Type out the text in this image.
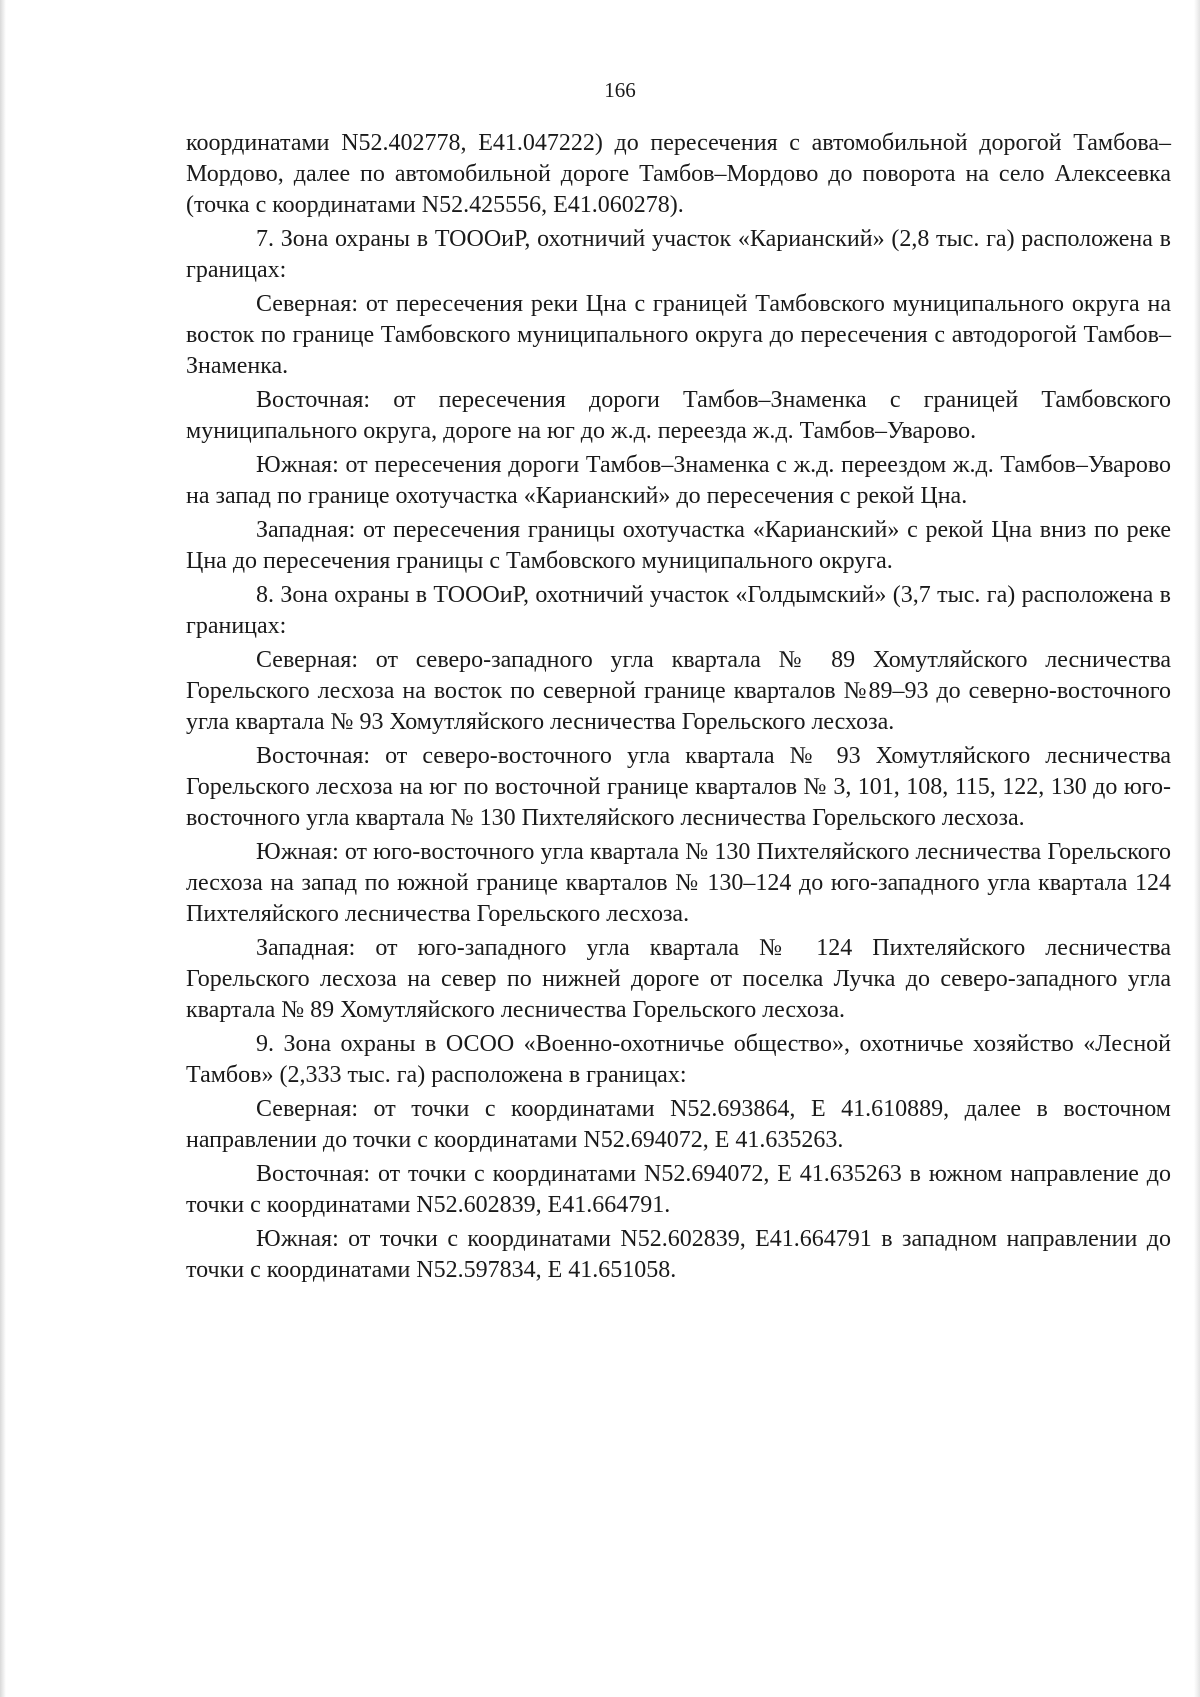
166

координатами N52.402778, E41.047222) до пересечения с автомобильной дорогой Тамбова–Мордово, далее по автомобильной дороге Тамбов–Мордово до поворота на село Алексеевка (точка с координатами N52.425556, E41.060278).

7. Зона охраны в ТОООиР, охотничий участок «Карианский» (2,8 тыс. га) расположена в границах:

Северная: от пересечения реки Цна с границей Тамбовского муниципального округа на восток по границе Тамбовского муниципального округа до пересечения с автодорогой Тамбов–Знаменка.

Восточная: от пересечения дороги Тамбов–Знаменка с границей Тамбовского муниципального округа, дороге на юг до ж.д. переезда ж.д. Тамбов–Уварово.

Южная: от пересечения дороги Тамбов–Знаменка с ж.д. переездом ж.д. Тамбов–Уварово на запад по границе охотучастка «Карианский» до пересечения с рекой Цна.

Западная: от пересечения границы охотучастка «Карианский» с рекой Цна вниз по реке Цна до пересечения границы с Тамбовского муниципального округа.

8. Зона охраны в ТОООиР, охотничий участок «Голдымский» (3,7 тыс. га) расположена в границах:

Северная: от северо-западного угла квартала № 89 Хомутляйского лесничества Горельского лесхоза на восток по северной границе кварталов №89–93 до северно-восточного угла квартала № 93 Хомутляйского лесничества Горельского лесхоза.

Восточная: от северо-восточного угла квартала № 93 Хомутляйского лесничества Горельского лесхоза на юг по восточной границе кварталов № 3, 101, 108, 115, 122, 130 до юго-восточного угла квартала № 130 Пихтеляйского лесничества Горельского лесхоза.

Южная: от юго-восточного угла квартала № 130 Пихтеляйского лесничества Горельского лесхоза на запад по южной границе кварталов № 130–124 до юго-западного угла квартала 124 Пихтеляйского лесничества Горельского лесхоза.

Западная: от юго-западного угла квартала № 124 Пихтеляйского лесничества Горельского лесхоза на север по нижней дороге от поселка Лучка до северо-западного угла квартала № 89 Хомутляйского лесничества Горельского лесхоза.

9. Зона охраны в ОСОО «Военно-охотничье общество», охотничье хозяйство «Лесной Тамбов» (2,333 тыс. га) расположена в границах:

Северная: от точки с координатами N52.693864, E 41.610889, далее в восточном направлении до точки с координатами N52.694072, E 41.635263.

Восточная: от точки с координатами N52.694072, E 41.635263 в южном направление до точки с координатами N52.602839, E41.664791.

Южная: от точки с координатами N52.602839, E41.664791 в западном направлении до точки с координатами N52.597834, E 41.651058.
